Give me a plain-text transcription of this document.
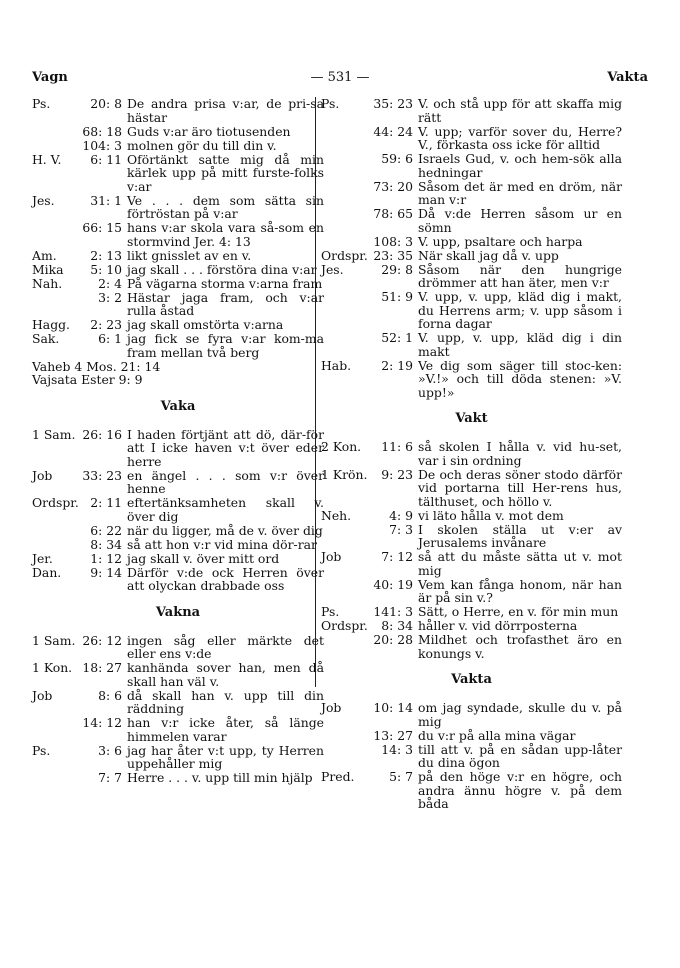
Vagn	— 531 —	Vakta
Ps.	20: 8 De andra prisa v:ar, de pri-sa hästar
68: 18 Guds v:ar äro tiotusenden
104: 3 molnen gör du till din v.
H. V.	6: 11 Oförtänkt satte mig då min kärlek upp på mitt furste-folks v:ar
Jes.	31: 1 Ve . . . dem som sätta sin förtröstan på v:ar
66: 15 hans v:ar skola vara så-som en stormvind Jer. 4: 13
Am.	2: 13 likt gnisslet av en v.
Mika	5: 10 jag skall . . . förstöra dina v:ar
Nah.	2: 4 På vägarna storma v:arna fram
3: 2 Hästar jaga fram, och v:ar rulla åstad
Hagg.	2: 23 jag skall omstörta v:arna
Sak.	6: 1 jag fick se fyra v:ar kom-ma fram mellan två berg
Vaheb 4 Mos. 21: 14
Vajsata Ester 9: 9
Vaka
1 Sam. 26: 16 I haden förtjänt att dö, där-för att I icke haven v:t över eder herre
Job	33: 23 en ängel . . . som v:r över henne
Ordspr. 2: 11 eftertänksamheten skall v. över dig
6: 22 när du ligger, må de v. över dig
8: 34 så att hon v:r vid mina dör-rar
Jer.	1: 12 jag skall v. över mitt ord
Dan.	9: 14 Därför v:de ock Herren över att olyckan drabbade oss
Vakna
1 Sam. 26: 12 ingen såg eller märkte det eller ens v:de
1 Kon. 18: 27 kanhända sover han, men då skall han väl v.
Job	8: 6 då skall han v. upp till din räddning
14: 12 han v:r icke åter, så länge himmelen varar
Ps.	3: 6 jag har åter v:t upp, ty Herren uppehåller mig
7: 7 Herre . . . v. upp till min hjälp
Ps.	35: 23 V. och stå upp för att skaffa mig rätt
44: 24 V. upp; varför sover du, Herre? V., förkasta oss icke för alltid
59: 6 Israels Gud, v. och hem-sök alla hedningar
73: 20 Såsom det är med en dröm, när man v:r
78: 65 Då v:de Herren såsom ur en sömn
108: 3 V. upp, psaltare och harpa
Ordspr. 23: 35 När skall jag då v. upp
Jes.	29: 8 Såsom när den hungrige drömmer att han äter, men v:r
51: 9 V. upp, v. upp, kläd dig i makt, du Herrens arm; v. upp såsom i forna dagar
52: 1 V. upp, v. upp, kläd dig i din makt
Hab.	2: 19 Ve dig som säger till stoc-ken: »V.!» och till döda stenen: »V. upp!»
Vakt
2 Kon.	11: 6 så skolen I hålla v. vid hu-set, var i sin ordning
1 Krön.	9: 23 De och deras söner stodo därför vid portarna till Her-rens hus, tälthuset, och höllo v.
Neh.	4: 9 vi läto hålla v. mot dem
7: 3 I skolen ställa ut v:er av Jerusalems invånare
Job	7: 12 så att du måste sätta ut v. mot mig
40: 19 Vem kan fånga honom, när han är på sin v.?
Ps.	141: 3 Sätt, o Herre, en v. för min mun
Ordspr.	8: 34 håller v. vid dörrposterna
20: 28 Mildhet och trofasthet äro en konungs v.
Vakta
Job	10: 14 om jag syndade, skulle du v. på mig
13: 27 du v:r på alla mina vägar
14: 3 till att v. på en sådan upp-låter du dina ögon
Pred.	5: 7 på den höge v:r en högre, och andra ännu högre v. på dem båda
